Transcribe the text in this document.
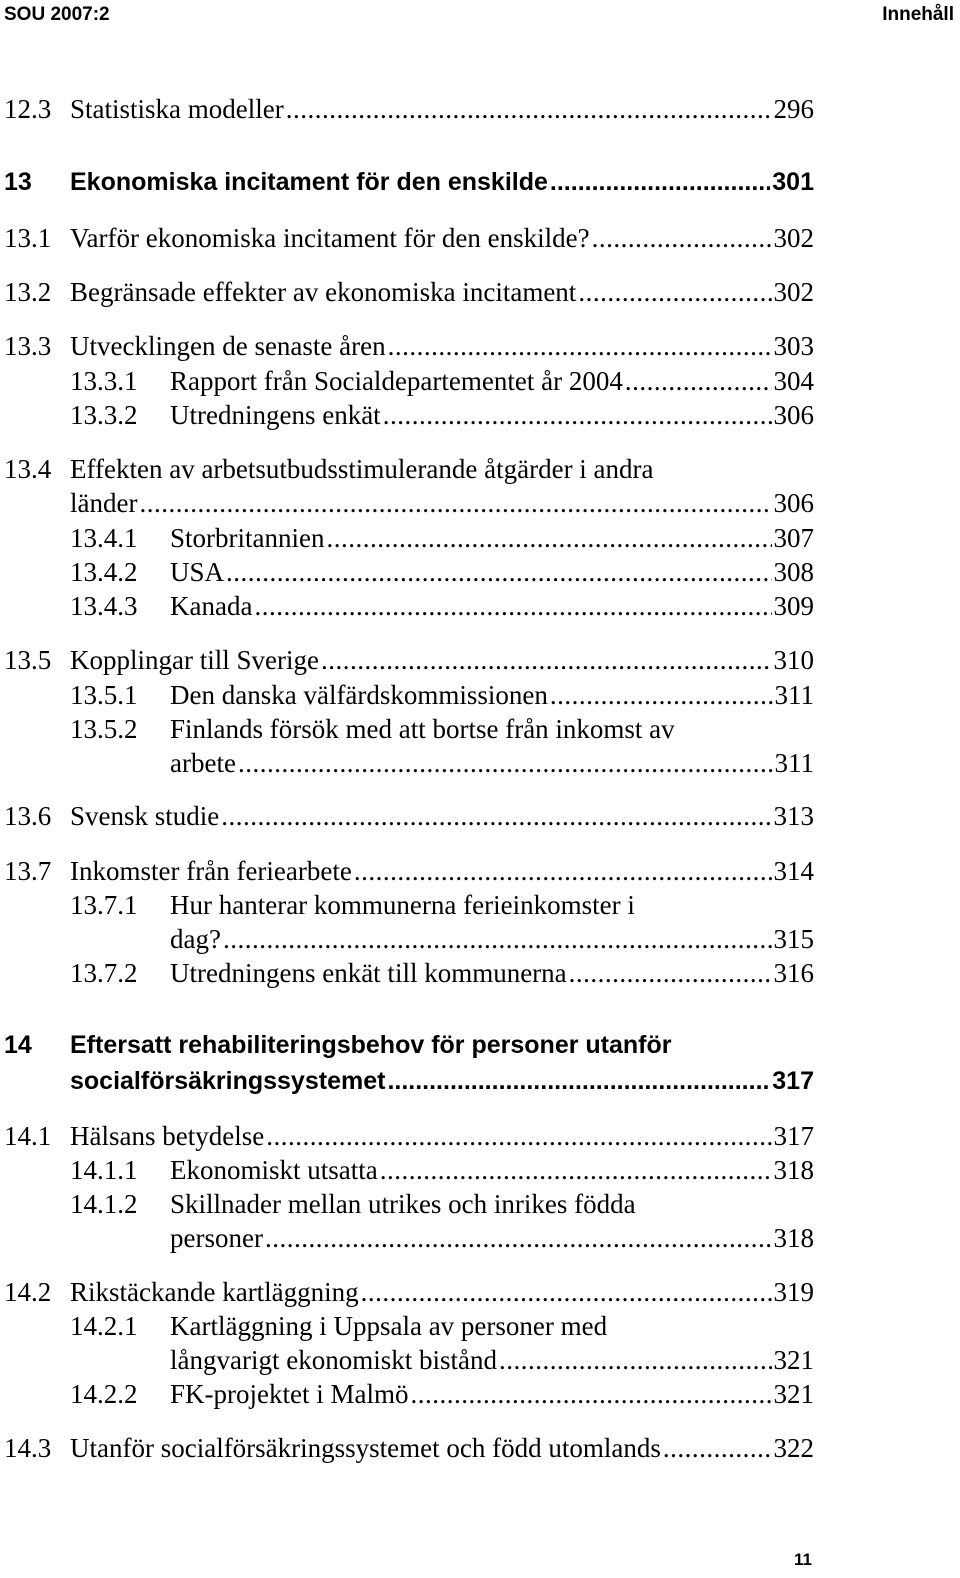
SOU 2007:2	Innehåll
12.3 Statistiska modeller .....	296
13 Ekonomiska incitament för den enskilde .....	301
13.1 Varför ekonomiska incitament för den enskilde? .....	302
13.2 Begränsade effekter av ekonomiska incitament .....	302
13.3 Utvecklingen de senaste åren .....	303
13.3.1 Rapport från Socialdepartementet år 2004 .....	304
13.3.2 Utredningens enkät .....	306
13.4 Effekten av arbetsutbudsstimulerande åtgärder i andra
länder .....	306
13.4.1 Storbritannien .....	307
13.4.2 USA .....	308
13.4.3 Kanada .....	309
13.5 Kopplingar till Sverige .....	310
13.5.1 Den danska välfärdskommissionen .....	311
13.5.2 Finlands försök med att bortse från inkomst av
arbete .....	311
13.6 Svensk studie .....	313
13.7 Inkomster från feriearbete .....	314
13.7.1 Hur hanterar kommunerna ferieinkomster i
dag? .....	315
13.7.2 Utredningens enkät till kommunerna .....	316
14 Eftersatt rehabiliteringsbehov för personer utanför
socialförsäkringssystemet .....	317
14.1 Hälsans betydelse .....	317
14.1.1 Ekonomiskt utsatta .....	318
14.1.2 Skillnader mellan utrikes och inrikes födda
personer .....	318
14.2 Rikstäckande kartläggning .....	319
14.2.1 Kartläggning i Uppsala av personer med
långvarigt ekonomiskt bistånd .....	321
14.2.2 FK-projektet i Malmö .....	321
14.3 Utanför socialförsäkringssystemet och född utomlands .....	322
11
